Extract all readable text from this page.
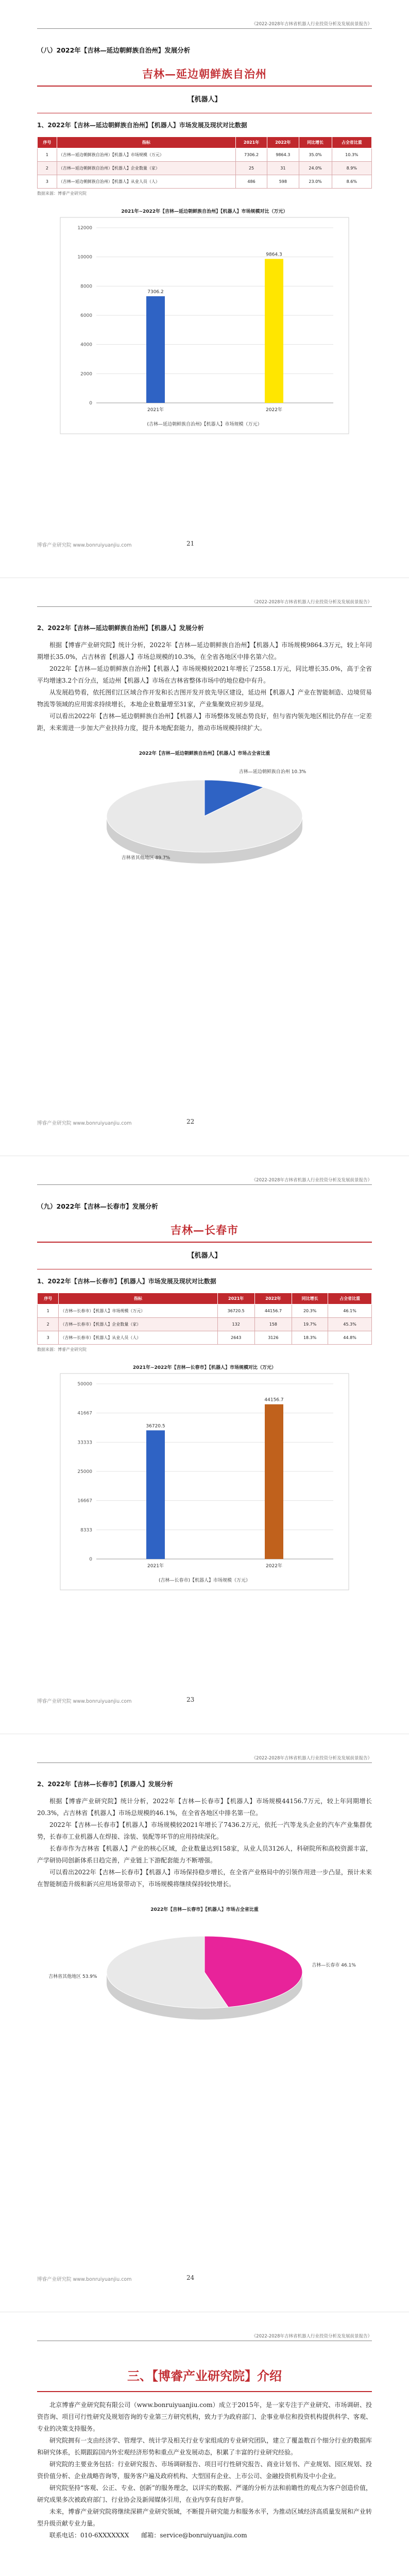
《2022-2028年吉林省机器人行业投资分析及发展前景报告》
（八）2022年【吉林—延边朝鲜族自治州】发展分析
吉林—延边朝鲜族自治州
【机器人】
1、2022年【吉林—延边朝鲜族自治州】【机器人】市场发展及现状对比数据
序号	指标	2021年	2022年	同比增长	占全省比重
1	（吉林—延边朝鲜族自治州）【机器人】市场规模（万元）	7306.2	9864.3	35.0%	10.3%
2	（吉林—延边朝鲜族自治州）【机器人】企业数量（家）	25	31	24.0%	8.9%
3	（吉林—延边朝鲜族自治州）【机器人】从业人员（人）	486	598	23.0%	8.6%
数据来源：博睿产业研究院
2021年~2022年【吉林—延边朝鲜族自治州】【机器人】市场规模对比（万元）
0
2000
4000
6000
8000
10000
12000
7306.2
2021年
9864.3
2022年
(吉林—延边朝鲜族自治州)【机器人】市场规模（万元）
博睿产业研究院 www.bonruiyuanjiu.com	21
《2022-2028年吉林省机器人行业投资分析及发展前景报告》
2、2022年【吉林—延边朝鲜族自治州】【机器人】发展分析

根据【博睿产业研究院】统计分析，2022年【吉林—延边朝鲜族自治州】【机器人】市场规模9864.3万元，较上年同期增长35.0%，占吉林省【机器人】市场总规模的10.3%，在全省各地区中排名第六位。

2022年【吉林—延边朝鲜族自治州】【机器人】市场规模较2021年增长了2558.1万元，同比增长35.0%，高于全省平均增速3.2个百分点，延边州【机器人】市场在吉林省整体市场中的地位稳中有升。

从发展趋势看，依托图们江区域合作开发和长吉图开发开放先导区建设，延边州【机器人】产业在智能制造、边境贸易物流等领域的应用需求持续增长，本地企业数量增至31家，产业集聚效应初步显现。

可以看出2022年【吉林—延边朝鲜族自治州】【机器人】市场整体发展态势良好，但与省内领先地区相比仍存在一定差距，未来需进一步加大产业扶持力度，提升本地配套能力，推动市场规模持续扩大。

2022年【吉林—延边朝鲜族自治州】【机器人】市场占全省比重
吉林—延边朝鲜族自治州 10.3%
吉林省其他地区 89.7%
博睿产业研究院 www.bonruiyuanjiu.com	22
《2022-2028年吉林省机器人行业投资分析及发展前景报告》
（九）2022年【吉林—长春市】发展分析
吉林—长春市
【机器人】
1、2022年【吉林—长春市】【机器人】市场发展及现状对比数据
序号	指标	2021年	2022年	同比增长	占全省比重
1	（吉林—长春市）【机器人】市场规模（万元）	36720.5	44156.7	20.3%	46.1%
2	（吉林—长春市）【机器人】企业数量（家）	132	158	19.7%	45.3%
3	（吉林—长春市）【机器人】从业人员（人）	2643	3126	18.3%	44.8%
数据来源：博睿产业研究院
2021年~2022年【吉林—长春市】【机器人】市场规模对比（万元）
0
8333
16667
25000
33333
41667
50000
36720.5
2021年
44156.7
2022年
(吉林—长春市)【机器人】市场规模（万元）
博睿产业研究院 www.bonruiyuanjiu.com	23
《2022-2028年吉林省机器人行业投资分析及发展前景报告》
2、2022年【吉林—长春市】【机器人】发展分析

根据【博睿产业研究院】统计分析，2022年【吉林—长春市】【机器人】市场规模44156.7万元，较上年同期增长20.3%，占吉林省【机器人】市场总规模的46.1%，在全省各地区中排名第一位。

2022年【吉林—长春市】【机器人】市场规模较2021年增长了7436.2万元，依托一汽等龙头企业的汽车产业集群优势，长春市工业机器人在焊接、涂装、装配等环节的应用持续深化。

长春市作为吉林省【机器人】产业的核心区域，企业数量达到158家，从业人员3126人，科研院所和高校资源丰富，产学研协同创新体系日趋完善，产业链上下游配套能力不断增强。

可以看出2022年【吉林—长春市】【机器人】市场保持稳步增长，在全省产业格局中的引领作用进一步凸显，预计未来在智能制造升级和新兴应用场景带动下，市场规模将继续保持较快增长。

2022年【吉林—长春市】【机器人】市场占全省比重
吉林—长春市 46.1%
吉林省其他地区 53.9%
博睿产业研究院 www.bonruiyuanjiu.com	24
《2022-2028年吉林省机器人行业投资分析及发展前景报告》
三、【博睿产业研究院】介绍

北京博睿产业研究院有限公司（www.bonruiyuanjiu.com）成立于2015年，是一家专注于产业研究、市场调研、投资咨询、项目可行性研究及规划咨询的专业第三方研究机构，致力于为政府部门、企事业单位和投资机构提供科学、客观、专业的决策支持服务。

研究院拥有一支由经济学、管理学、统计学及相关行业专家组成的专业研究团队，建立了覆盖数百个细分行业的数据库和研究体系，长期跟踪国内外宏观经济形势和重点产业发展动态，积累了丰富的行业研究经验。

研究院的主要业务包括：行业研究报告、市场调研报告、项目可行性研究报告、商业计划书、产业规划、园区规划、投资价值分析、企业战略咨询等，服务客户遍及政府机构、大型国有企业、上市公司、金融投资机构及中小企业。

研究院坚持“客观、公正、专业、创新”的服务理念，以详实的数据、严谨的分析方法和前瞻性的观点为客户创造价值，研究成果多次被政府部门、行业协会及新闻媒体引用，在业内享有良好声誉。

未来，博睿产业研究院将继续深耕产业研究领域，不断提升研究能力和服务水平，为推动区域经济高质量发展和产业转型升级贡献专业力量。

联系电话：010-6XXXXXXX　　邮箱：service@bonruiyuanjiu.com
